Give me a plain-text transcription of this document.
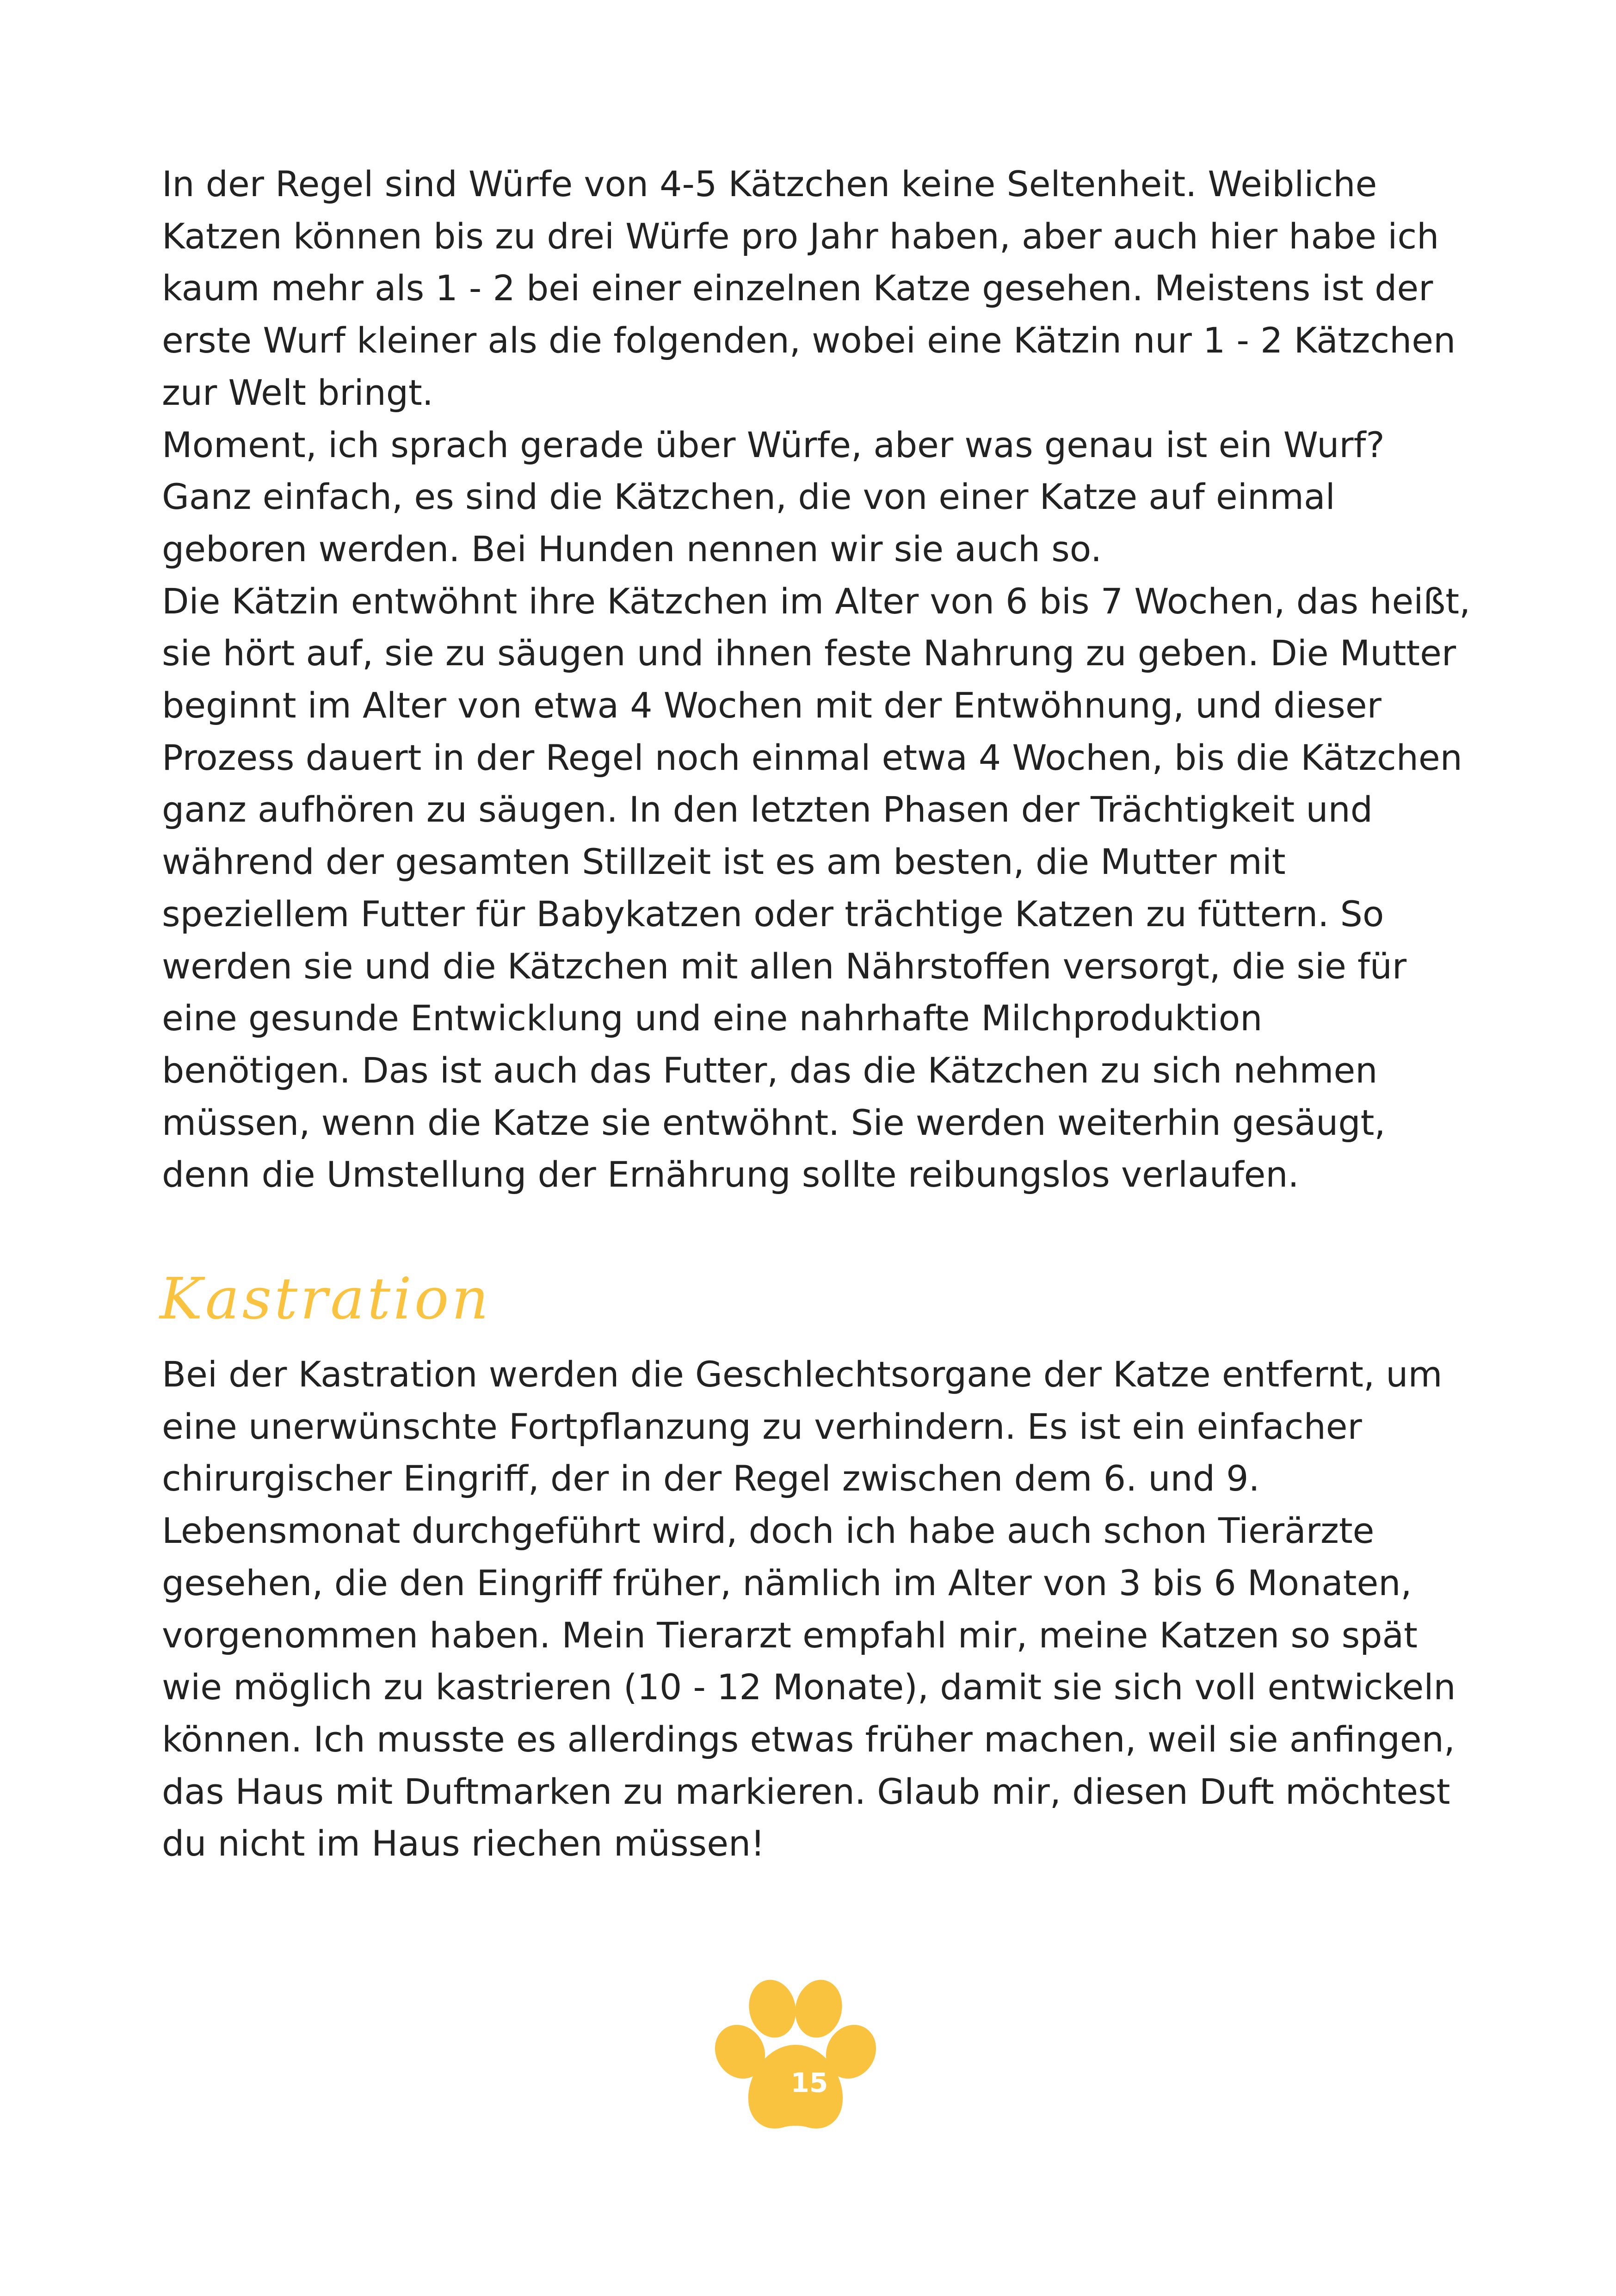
In der Regel sind Würfe von 4-5 Kätzchen keine Seltenheit. Weibliche
Katzen können bis zu drei Würfe pro Jahr haben, aber auch hier habe ich
kaum mehr als 1 - 2 bei einer einzelnen Katze gesehen. Meistens ist der
erste Wurf kleiner als die folgenden, wobei eine Kätzin nur 1 - 2 Kätzchen
zur Welt bringt.
Moment, ich sprach gerade über Würfe, aber was genau ist ein Wurf?
Ganz einfach, es sind die Kätzchen, die von einer Katze auf einmal
geboren werden. Bei Hunden nennen wir sie auch so.
Die Kätzin entwöhnt ihre Kätzchen im Alter von 6 bis 7 Wochen, das heißt,
sie hört auf, sie zu säugen und ihnen feste Nahrung zu geben. Die Mutter
beginnt im Alter von etwa 4 Wochen mit der Entwöhnung, und dieser
Prozess dauert in der Regel noch einmal etwa 4 Wochen, bis die Kätzchen
ganz aufhören zu säugen. In den letzten Phasen der Trächtigkeit und
während der gesamten Stillzeit ist es am besten, die Mutter mit
speziellem Futter für Babykatzen oder trächtige Katzen zu füttern. So
werden sie und die Kätzchen mit allen Nährstoffen versorgt, die sie für
eine gesunde Entwicklung und eine nahrhafte Milchproduktion
benötigen. Das ist auch das Futter, das die Kätzchen zu sich nehmen
müssen, wenn die Katze sie entwöhnt. Sie werden weiterhin gesäugt,
denn die Umstellung der Ernährung sollte reibungslos verlaufen.

Kastration

Bei der Kastration werden die Geschlechtsorgane der Katze entfernt, um
eine unerwünschte Fortpflanzung zu verhindern. Es ist ein einfacher
chirurgischer Eingriff, der in der Regel zwischen dem 6. und 9.
Lebensmonat durchgeführt wird, doch ich habe auch schon Tierärzte
gesehen, die den Eingriff früher, nämlich im Alter von 3 bis 6 Monaten,
vorgenommen haben. Mein Tierarzt empfahl mir, meine Katzen so spät
wie möglich zu kastrieren (10 - 12 Monate), damit sie sich voll entwickeln
können. Ich musste es allerdings etwas früher machen, weil sie anfingen,
das Haus mit Duftmarken zu markieren. Glaub mir, diesen Duft möchtest
du nicht im Haus riechen müssen!

15
